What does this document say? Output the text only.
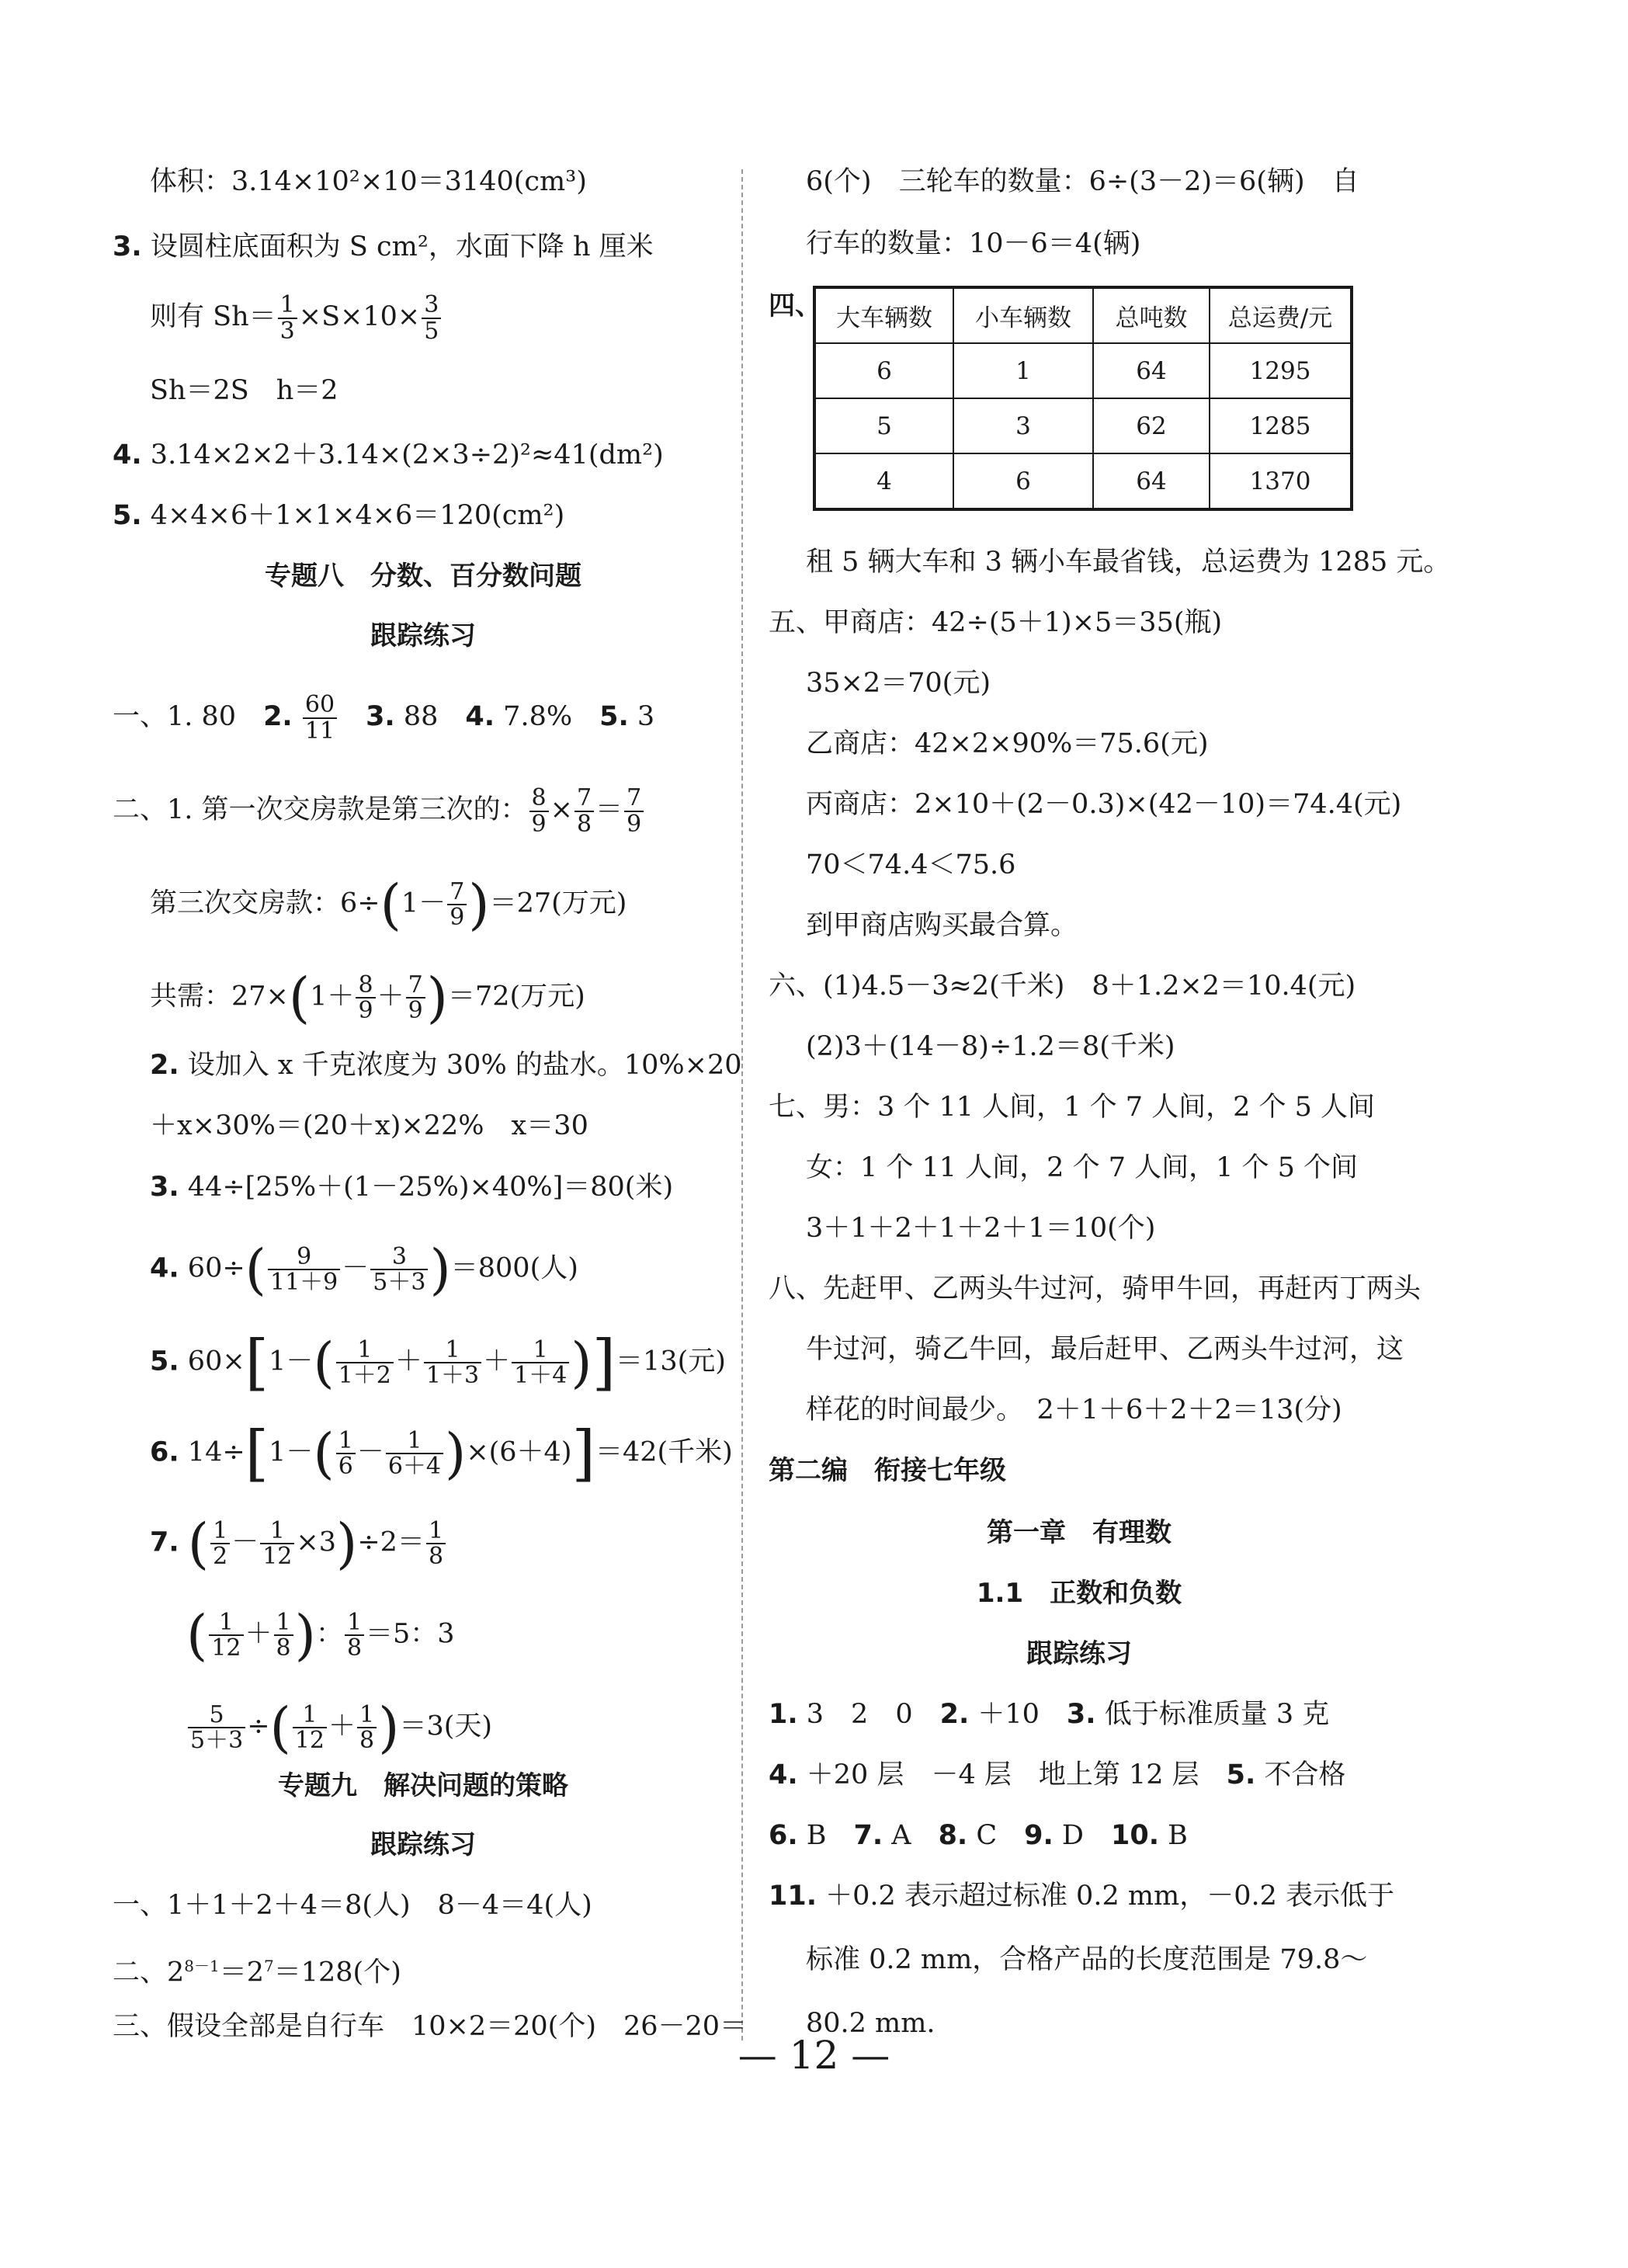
体积：3.14×10²×10＝3140(cm³)
3. 设圆柱底面积为 S cm²，水面下降 h 厘米
则有 $Sh= \frac{1}{3} \times S\times 10\times \frac{3}{5}$
Sh＝2S　h＝2
4. 3.14×2×2＋3.14×(2×3÷2)²≈41(dm²)
5. 4×4×6＋1×1×4×6＝120(cm²)
专题八　分数、百分数问题
跟踪练习
一、1. 80　2. $\frac{60}{11}$
　 3. 88　4. 7.8%　5. 3
二、1. 第一次交房款是第三次的： $\frac{8}{9} \times \frac{7}{8} = \frac{7}{9}$
第三次交房款：$6\div(1- \frac{7}{9} )=27$(万元)
共需：$27\times(1+ \frac{8}{9} + \frac{7}{9} )=72$(万元)
2. 设加入 x 千克浓度为 30% 的盐水。10%×20
＋x×30%＝(20＋x)×22%　x＝30
3. 44÷[25%＋(1－25%)×40%]＝80(米)
4. $60\div( \frac{9}{11+9} - \frac{3}{5+3} )=800$(人)
5. $60\times[1-( \frac{1}{1+2} + \frac{1}{1+3} + \frac{1}{1+4} )]=13$(元)
6. $14\div[1-( \frac{1}{6} - \frac{1}{6+4} )\times(6+4)]=42$(千米)
7. ( $\frac{1}{2} - \frac{1}{12} \times 3)\div 2= \frac{1}{8}$
( $\frac{1}{12} + \frac{1}{8}$ )： $\frac{1}{8} =5$：3
$\frac{5}{5+3}$ ÷( $\frac{1}{12} + \frac{1}{8} )=3$(天)
专题九　解决问题的策略
跟踪练习
一、1＋1＋2＋4＝8(人)　8－4＝4(人)
二、$2^{8-1}=2^7=128$(个)
三、假设全部是自行车　10×2＝20(个)　26－20＝
6(个)　三轮车的数量：6÷(3－2)＝6(辆)　自
行车的数量：10－6＝4(辆)
四、 大车辆数	小车辆数	总吨数	总运费/元
6	1	64	1295
5	3	62	1285
4	6	64	1370
租 5 辆大车和 3 辆小车最省钱，总运费为 1285 元。
五、甲商店：42÷(5＋1)×5＝35(瓶)
35×2＝70(元)
乙商店：42×2×90%＝75.6(元)
丙商店：2×10＋(2－0.3)×(42－10)＝74.4(元)
70＜74.4＜75.6
到甲商店购买最合算。
六、(1)4.5－3≈2(千米)　8＋1.2×2＝10.4(元)
(2)3＋(14－8)÷1.2＝8(千米)
七、男：3 个 11 人间，1 个 7 人间，2 个 5 人间
女：1 个 11 人间，2 个 7 人间，1 个 5 个间
3＋1＋2＋1＋2＋1＝10(个)
八、先赶甲、乙两头牛过河，骑甲牛回，再赶丙丁两头
牛过河，骑乙牛回，最后赶甲、乙两头牛过河，这
样花的时间最少。　2＋1＋6＋2＋2＝13(分)
第二编　衔接七年级
第一章　有理数
1.1　正数和负数
跟踪练习
1. 3　2　0　2. ＋10　3. 低于标准质量 3 克
4. ＋20 层　－4 层　地上第 12 层　5. 不合格
6. B　7. A　8. C　9. D　10. B
11. ＋0.2 表示超过标准 0.2 mm，－0.2 表示低于
标准 0.2 mm，合格产品的长度范围是 79.8～
80.2 mm.
— 12 —
